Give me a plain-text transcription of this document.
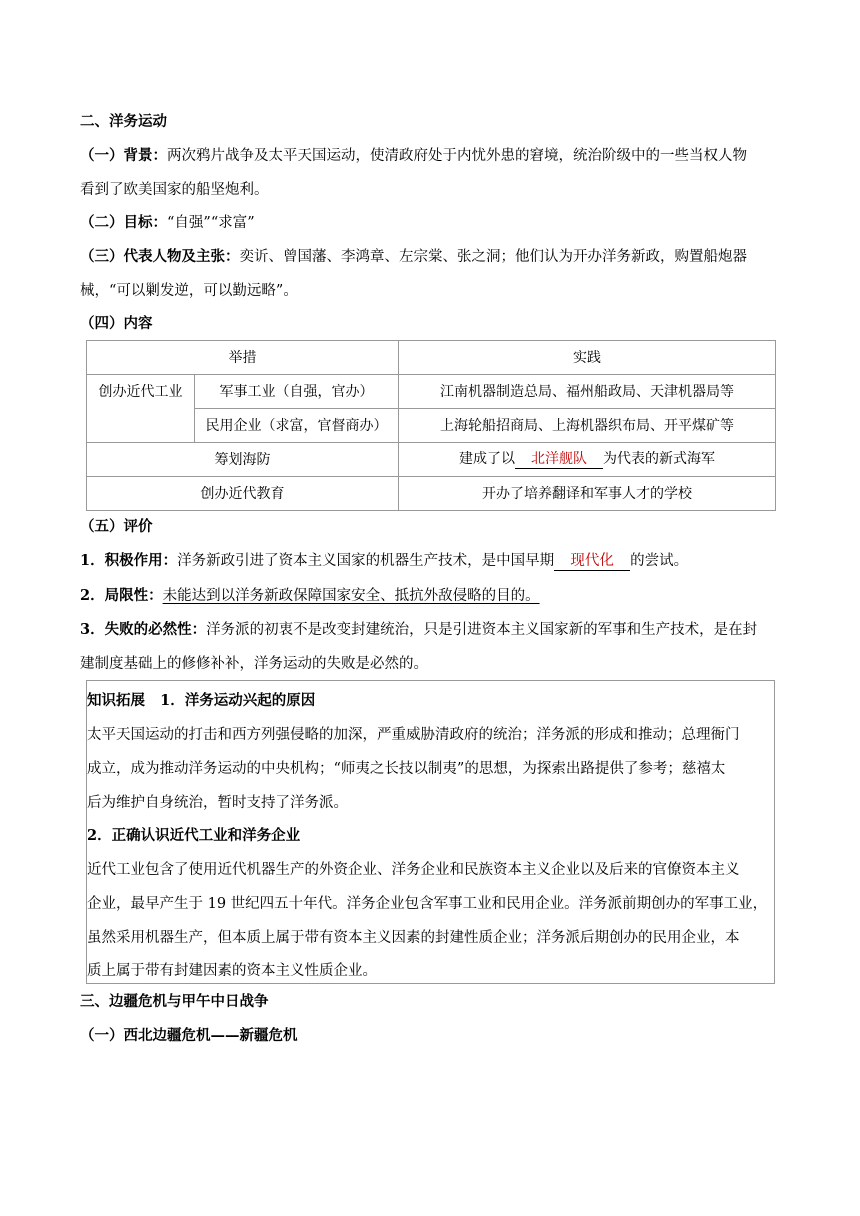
二、洋务运动
（一）背景：两次鸦片战争及太平天国运动，使清政府处于内忧外患的窘境，统治阶级中的一些当权人物
看到了欧美国家的船坚炮利。
（二）目标：“自强”“求富”
（三）代表人物及主张：奕䜣、曾国藩、李鸿章、左宗棠、张之洞；他们认为开办洋务新政，购置船炮器
械，“可以剿发逆，可以勤远略”。
（四）内容
举措		实践
创办近代工业	军事工业（自强，官办）	江南机器制造总局、福州船政局、天津机器局等
	民用企业（求富，官督商办）	上海轮船招商局、上海机器织布局、开平煤矿等
筹划海防		建成了以 北洋舰队 为代表的新式海军
创办近代教育		开办了培养翻译和军事人才的学校
（五）评价
1．积极作用：洋务新政引进了资本主义国家的机器生产技术，是中国早期 现代化 的尝试。
2．局限性：未能达到以洋务新政保障国家安全、抵抗外敌侵略的目的。
3．失败的必然性：洋务派的初衷不是改变封建统治，只是引进资本主义国家新的军事和生产技术，是在封
建制度基础上的修修补补，洋务运动的失败是必然的。
知识拓展 1．洋务运动兴起的原因
太平天国运动的打击和西方列强侵略的加深，严重威胁清政府的统治；洋务派的形成和推动；总理衙门
成立，成为推动洋务运动的中央机构；“师夷之长技以制夷”的思想，为探索出路提供了参考；慈禧太
后为维护自身统治，暂时支持了洋务派。
2．正确认识近代工业和洋务企业
近代工业包含了使用近代机器生产的外资企业、洋务企业和民族资本主义企业以及后来的官僚资本主义
企业，最早产生于 19 世纪四五十年代。洋务企业包含军事工业和民用企业。洋务派前期创办的军事工业，
虽然采用机器生产，但本质上属于带有资本主义因素的封建性质企业；洋务派后期创办的民用企业，本
质上属于带有封建因素的资本主义性质企业。
三、边疆危机与甲午中日战争
（一）西北边疆危机——新疆危机
